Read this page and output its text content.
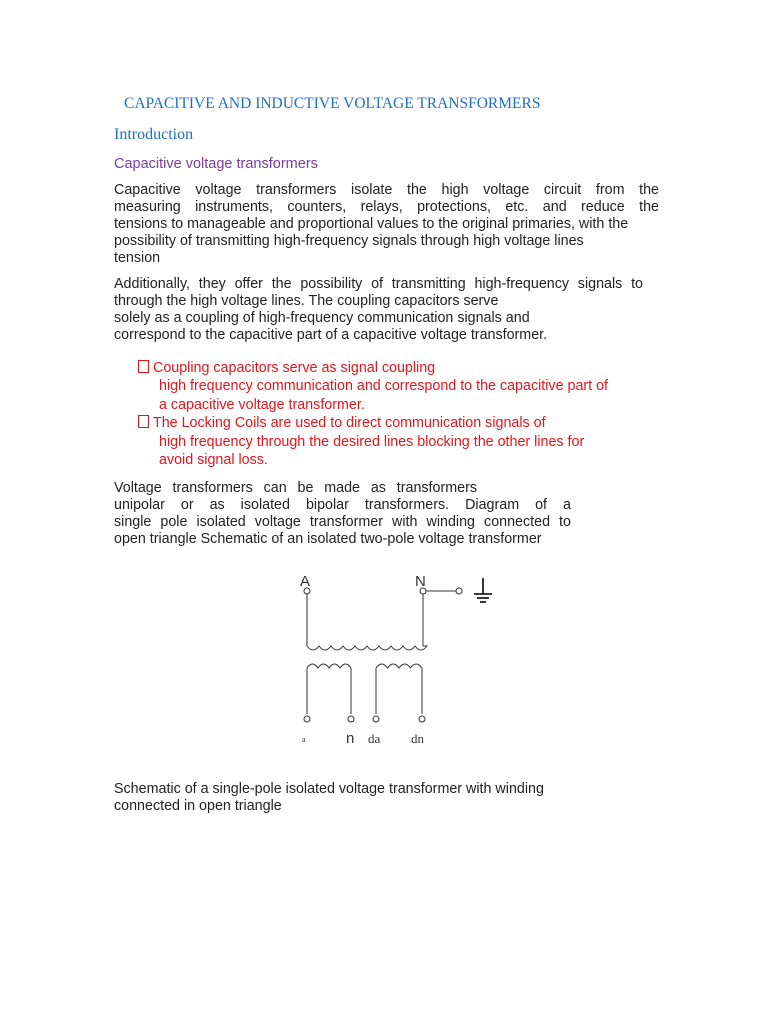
CAPACITIVE AND INDUCTIVE VOLTAGE TRANSFORMERS
Introduction
Capacitive voltage transformers
Capacitive voltage transformers isolate the high voltage circuit from the
measuring instruments, counters, relays, protections, etc. and reduce the
tensions to manageable and proportional values to the original primaries, with the
possibility of transmitting high-frequency signals through high voltage lines
tension
Additionally, they offer the possibility of transmitting high-frequency signals to
through the high voltage lines. The coupling capacitors serve
solely as a coupling of high-frequency communication signals and
correspond to the capacitive part of a capacitive voltage transformer.
Coupling capacitors serve as signal coupling
high frequency communication and correspond to the capacitive part of
a capacitive voltage transformer.
The Locking Coils are used to direct communication signals of
high frequency through the desired lines blocking the other lines for
avoid signal loss.
Voltage transformers can be made as transformers
unipolar or as isolated bipolar transformers. Diagram of a
single pole isolated voltage transformer with winding connected to
open triangle Schematic of an isolated two-pole voltage transformer
A	N
a	n da dn
Schematic of a single-pole isolated voltage transformer with winding
connected in open triangle
